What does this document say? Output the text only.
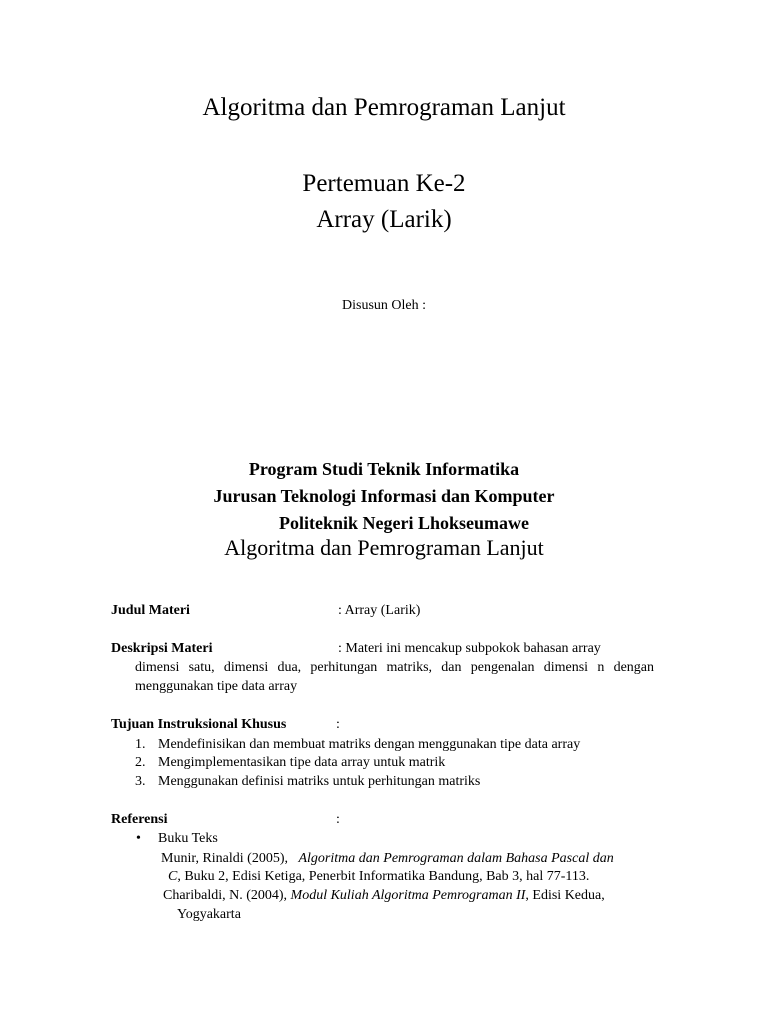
Algoritma dan Pemrograman Lanjut
Pertemuan Ke-2
Array (Larik)
Disusun Oleh :
Program Studi Teknik Informatika
Jurusan Teknologi Informasi dan Komputer
Politeknik Negeri Lhokseumawe
Algoritma dan Pemrograman Lanjut
Judul Materi	: Array (Larik)
Deskripsi Materi	: Materi ini mencakup subpokok bahasan array
dimensi satu, dimensi dua, perhitungan matriks, dan pengenalan dimensi n dengan
menggunakan tipe data array
Tujuan Instruksional Khusus	:
1. Mendefinisikan dan membuat matriks dengan menggunakan tipe data array
2. Mengimplementasikan tipe data array untuk matrik
3. Menggunakan definisi matriks untuk perhitungan matriks
Referensi	:
• Buku Teks
Munir, Rinaldi (2005), Algoritma dan Pemrograman dalam Bahasa Pascal dan
C, Buku 2, Edisi Ketiga, Penerbit Informatika Bandung, Bab 3, hal 77-113.
Charibaldi, N. (2004), Modul Kuliah Algoritma Pemrograman II, Edisi Kedua,
Yogyakarta
